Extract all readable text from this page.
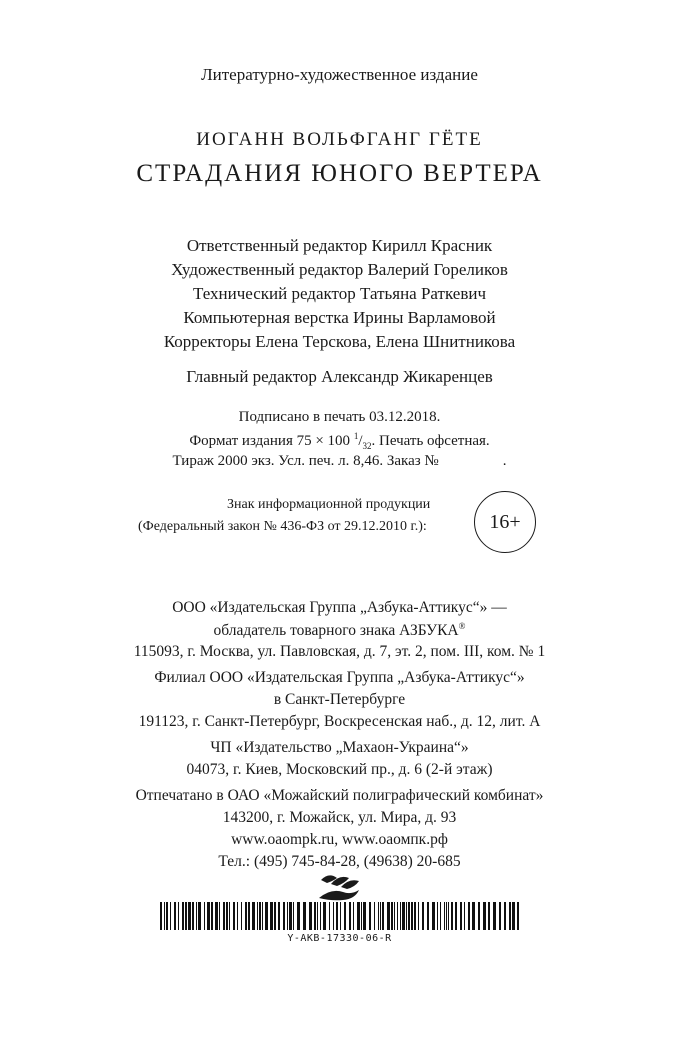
Литературно-художественное издание
ИОГАНН ВОЛЬФГАНГ ГЁТЕ
СТРАДАНИЯ ЮНОГО ВЕРТЕРА
Ответственный редактор Кирилл Красник
Художественный редактор Валерий Гореликов
Технический редактор Татьяна Раткевич
Компьютерная верстка Ирины Варламовой
Корректоры Елена Терскова, Елена Шнитникова
Главный редактор Александр Жикаренцев
Подписано в печать 03.12.2018.
Формат издания 75 × 100 $^1/_{32}$. Печать офсетная.
Тираж 2000 экз. Усл. печ. л. 8,46. Заказ №	.
Знак информационной продукции
(Федеральный закон № 436-ФЗ от 29.12.2010 г.):	16+
ООО «Издательская Группа „Азбука-Аттикус“» —
обладатель товарного знака АЗБУКА®
115093, г. Москва, ул. Павловская, д. 7, эт. 2, пом. III, ком. № 1
Филиал ООО «Издательская Группа „Азбука-Аттикус“»
в Санкт-Петербурге
191123, г. Санкт-Петербург, Воскресенская наб., д. 12, лит. А
ЧП «Издательство „Махаон-Украина“»
04073, г. Киев, Московский пр., д. 6 (2-й этаж)
Отпечатано в ОАО «Можайский полиграфический комбинат»
143200, г. Можайск, ул. Мира, д. 93
www.oaompk.ru, www.оаомпк.рф
Тел.: (495) 745-84-28, (49638) 20-685
Y-AKB-17330-06-R
